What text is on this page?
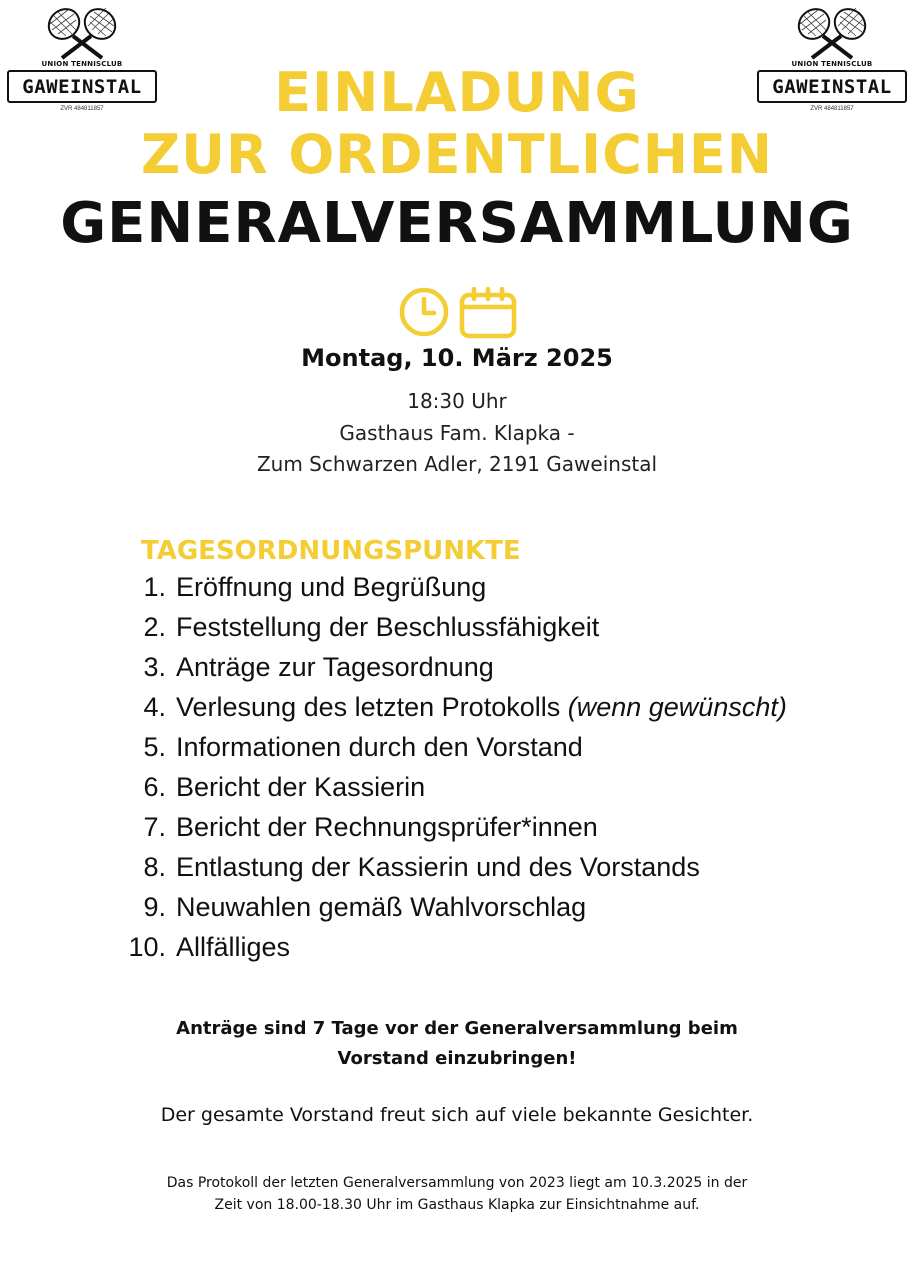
UNION TENNISCLUB
GAWEINSTAL
ZVR 484811857
UNION TENNISCLUB
GAWEINSTAL
ZVR 484811857
EINLADUNG
ZUR ORDENTLICHEN
GENERALVERSAMMLUNG
Montag, 10. März 2025
18:30 Uhr
Gasthaus Fam. Klapka -
Zum Schwarzen Adler, 2191 Gaweinstal
TAGESORDNUNGSPUNKTE
1. Eröffnung und Begrüßung
2. Feststellung der Beschlussfähigkeit
3. Anträge zur Tagesordnung
4. Verlesung des letzten Protokolls (wenn gewünscht)
5. Informationen durch den Vorstand
6. Bericht der Kassierin
7. Bericht der Rechnungsprüfer*innen
8. Entlastung der Kassierin und des Vorstands
9. Neuwahlen gemäß Wahlvorschlag
10. Allfälliges
Anträge sind 7 Tage vor der Generalversammlung beim
Vorstand einzubringen!
Der gesamte Vorstand freut sich auf viele bekannte Gesichter.
Das Protokoll der letzten Generalversammlung von 2023 liegt am 10.3.2025 in der
Zeit von 18.00-18.30 Uhr im Gasthaus Klapka zur Einsichtnahme auf.
